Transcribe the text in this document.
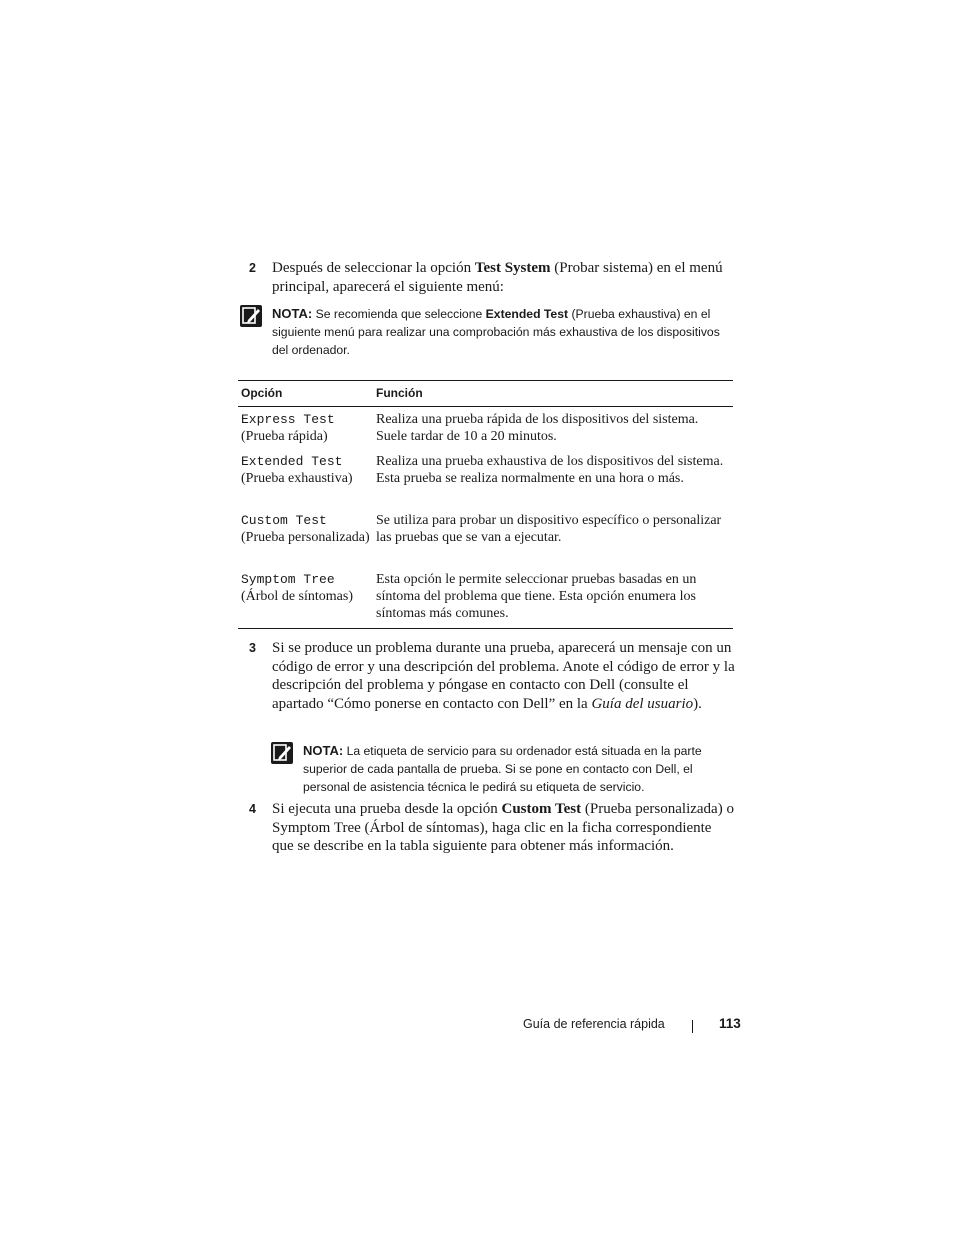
2 Después de seleccionar la opción Test System (Probar sistema) en el menú principal, aparecerá el siguiente menú:
NOTA: Se recomienda que seleccione Extended Test (Prueba exhaustiva) en el siguiente menú para realizar una comprobación más exhaustiva de los dispositivos del ordenador.
Opción	Función
Express Test
(Prueba rápida)
Realiza una prueba rápida de los dispositivos del sistema. Suele tardar de 10 a 20 minutos.
Extended Test
(Prueba exhaustiva)
Realiza una prueba exhaustiva de los dispositivos del sistema. Esta prueba se realiza normalmente en una hora o más.
Custom Test
(Prueba personalizada)
Se utiliza para probar un dispositivo específico o personalizar las pruebas que se van a ejecutar.
Symptom Tree
(Árbol de síntomas)
Esta opción le permite seleccionar pruebas basadas en un síntoma del problema que tiene. Esta opción enumera los síntomas más comunes.
3 Si se produce un problema durante una prueba, aparecerá un mensaje con un código de error y una descripción del problema. Anote el código de error y la descripción del problema y póngase en contacto con Dell (consulte el apartado “Cómo ponerse en contacto con Dell” en la Guía del usuario).
NOTA: La etiqueta de servicio para su ordenador está situada en la parte superior de cada pantalla de prueba. Si se pone en contacto con Dell, el personal de asistencia técnica le pedirá su etiqueta de servicio.
4 Si ejecuta una prueba desde la opción Custom Test (Prueba personalizada) o Symptom Tree (Árbol de síntomas), haga clic en la ficha correspondiente que se describe en la tabla siguiente para obtener más información.
Guía de referencia rápida	113
